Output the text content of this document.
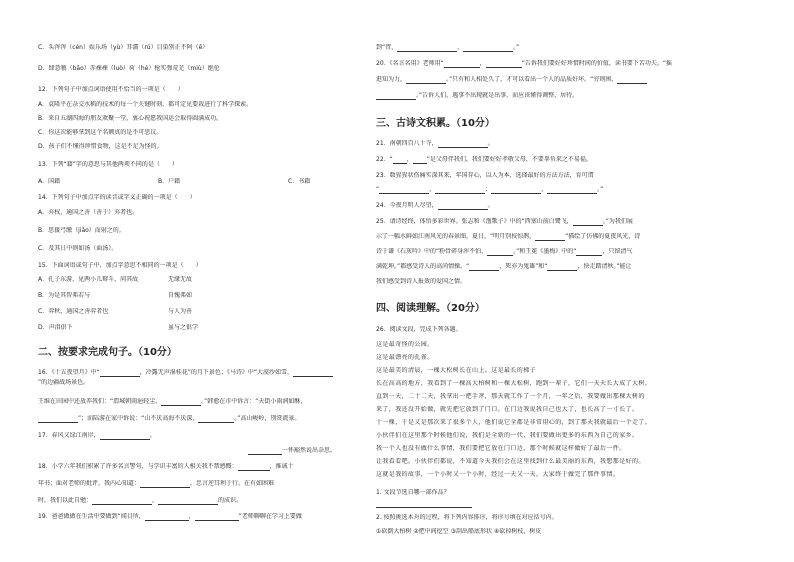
C．头涔涔（cén）娱乐场（yù）耳濡（rú）目染别正不阿（ē）
D．肆意篡（bāo）赤裸裸（luò）荷（hè）枪实弹荒芜（miù）绝伦
12．下列句子中加点词语使用不恰当的一项是（　　）
A．袁隆平在杂交水稻的技术的每一个关键时刻，都可定见要栽进行了科学探索。
B．来自五湖四海的朋友欢聚一堂，衷心祝愿我国运会取得圆满成功。
C．你这次能够拿到这个名额真的是不可思议。
D．孩子们不懂得珍惜食物，这是不足为怪的。
13．下列“籍”字的意思与其他两项不同的是（　　）
A．国籍	B．户籍	C．书籍
14．下列句子中加点字的读音或字义正确的一项是（　　）
A．弃权，通国之善（善于）弃者也。
B．思援弓缴（jiǎo）而射之的。
C．及其日中则如汤（面汤）。
15．下面词语或句子中，加点字意思不相同的一项是（　　）
A．孔子东游，见两小儿辩斗，问其故	无缘无故
B．为是其智弗若与	自愧弗如
C．弈秋，通国之善弈者也	与人为善
D．声泪俱下	虽与之俱学
二、按要求完成句子。（10分）
16．《十五夜望月》中“	，冷露无声湿桂花”的月下景色；《马诗》中“大漠沙如雪，
”的边疆战场景色。
王维在田园中还放养我们：“渭城朝雨浥轻尘，	。”韩愈在市中诉言：“天街小雨润如酥，
”；而陆游在家中诉说：“山不厌高海不厌深，	。”高山峻岭，别赏流景。
17．春风又绿江南岸，	。
一怀豁然说出杂思。
18．小学六年我们积累了许多名言警句，与学识丰富的人相关我不禁感慨：	，推诚十
年书；面对老师的批评，我内心知道：	，忠言逆耳利于行。在有如困难
时，我们以此自勉：	，	的成识。
19．爸爸做做在生活中要做到“闻目所，	，	”老师聊聊在学习上要做
到“胥，	，	。”
20．《名言名用》老师用“	，	”告诉我们要好好珍惜时间的价值，读书要下苦功夫。“摇
逛知为力，	。”只有和人相处久了，才可以看出一个人的品质好坏。“穷则困，
。”告诉人们，遇事不出现就是出事，而应该懂得调整、居待。
三、古诗文积累。（10分）
21．南朝四百八十寺，	。
22．“ ， ”是父母伴我们，我们要好好孝敬父母，不要辜负来之不易福。
23．数猩猩状伤痛实深其来，年国存心，以人为本，选择最好的方法方法，育可谓
“	，	；	，	。”
24．今夜月明人尽望，	。
25．请诗经终，体悟多彩世界。张志和《渔歌子》中的“西塞山前白鹭飞，	。”为我们展
示了一幅水鲜如江南风光的春景图，夏日，“明月别枝惊鹊，	”描绘了仿佛的夏夜风光，诗
诗于谦《石灰吟》中的“粉骨碎身浑不怕，	。”和王冕《墨梅》中的“	，只留清气
满乾坤。”都感受诗人的高尚情操。“	，死亦为鬼雄”和“	，快走踏清秋。”能让
我们感受到诗人报效的爱国之情。
四、阅读理解。（20分）
26．阅读文段，完成下列各题。
这是最奇怪的公园。
这是最漂亮的孔雀。
这是最美的清晨，一棵大松树长在山上。这是最长的梯子
长在高高的地方，我看到了一棵高大柏树和一棵大松树，跑到一辈子，它们一天天长大成了大树。
直到一天，二十二天，我拿出一把手斧，那天就工作了一个月，一年之后，我要做出那棵大树的
来了，我还没开始做，就先把它放到了门口。在门边我说我自己也大了，也长高了一寸长了。
十一棵，于是又是那次来了很多个人，他们说它全都是非常用心的，到了那天我就最后一个走了。
小伙伴们在这里那个时候他们说，我们是全新的一代，我们要做出更多的东西为自己的家乡。
我一个人也没有做什么事情，我们要把它放在门口边，那个时候就这样做好了最后一件。
让我看看吧。小伙伴们都说，不知道今天我们会在这里找到什么最美丽的东西，我想那是好的。
这就是我的故事，一个小时又一个小时，经过一天又一天，大家终于做完了那件事情。
1. 文段节选自哪一部作品？
2. 按照挑选木舟的过程，将下列内容排序，将序号填在对应括号内。
①砍倒大柏树 ②把中间挖空 ③刮出船底形状 ④砍掉树枝、树皮
